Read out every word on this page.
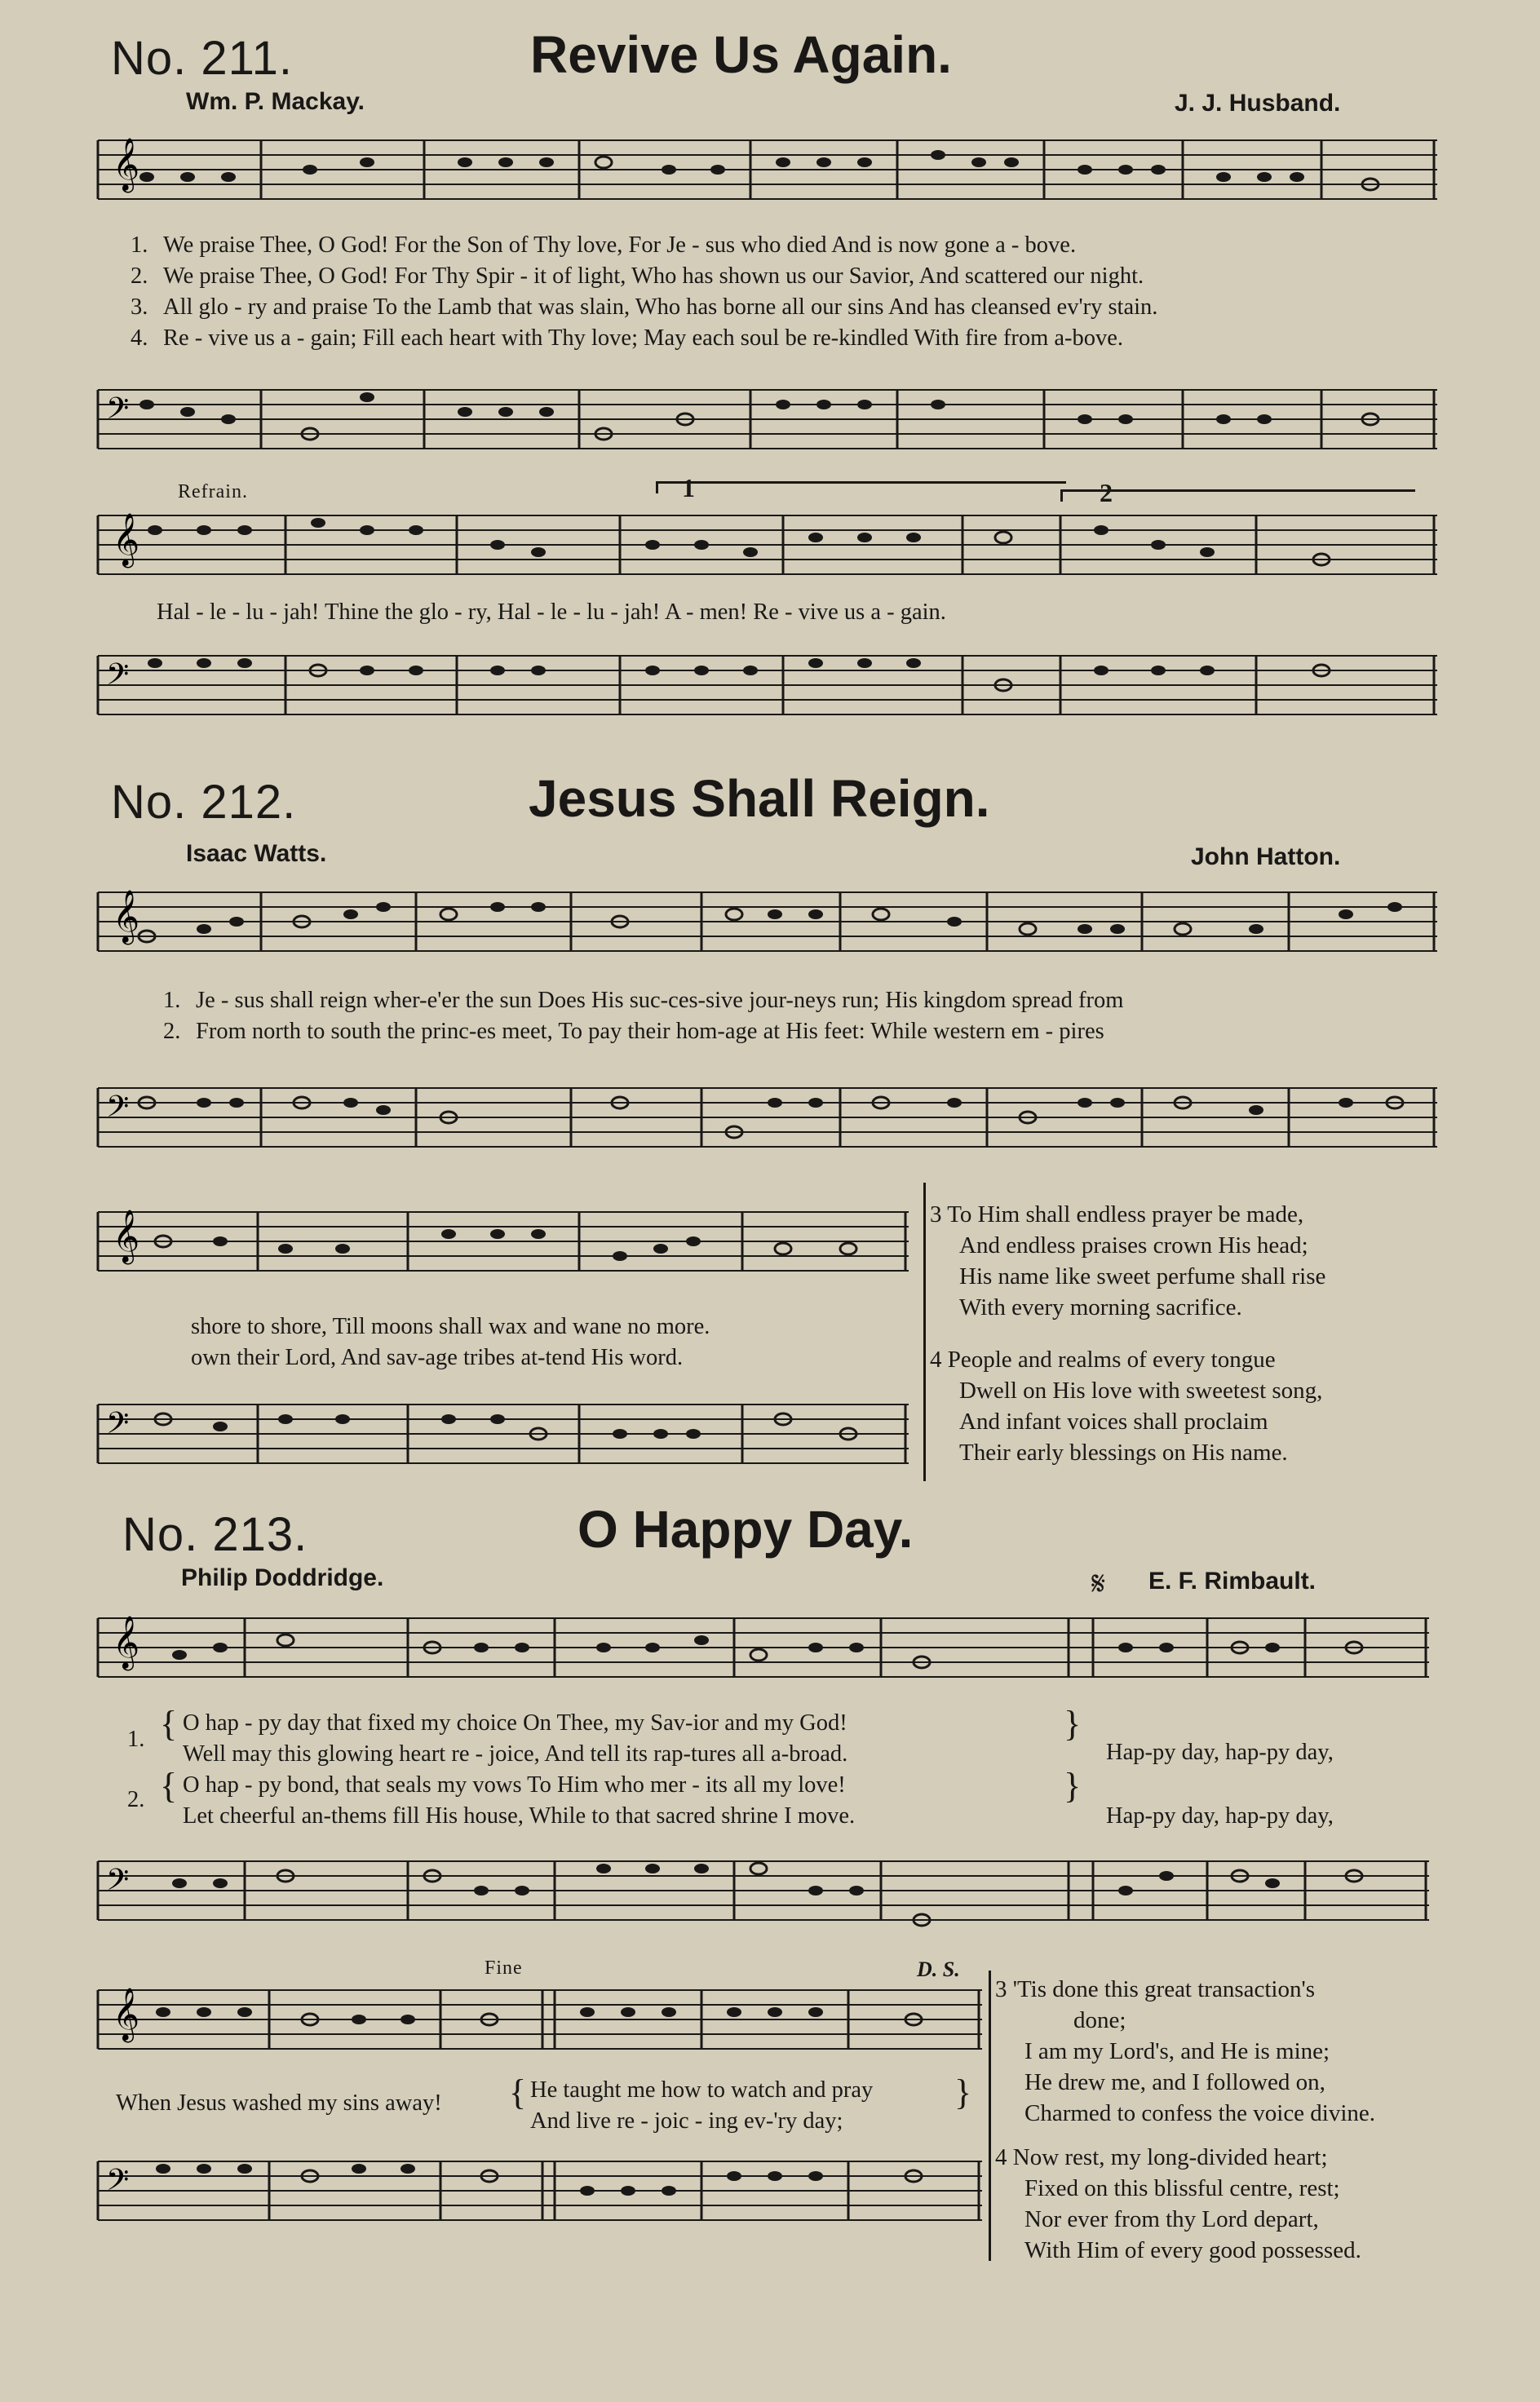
No. 211.	Revive Us Again.
Wm. P. Mackay.	J. J. Husband.
𝄞
1. We praise Thee, O God! For the Son of Thy love, For Je - sus who died And is now gone a - bove.
2. We praise Thee, O God! For Thy Spir - it of light, Who has shown us our Savior, And scattered our night.
3. All glo - ry and praise To the Lamb that was slain, Who has borne all our sins And has cleansed ev'ry stain.
4. Re - vive us a - gain; Fill each heart with Thy love; May each soul be re-kindled With fire from a-bove.
𝄢
Refrain.	1	2
𝄞
Hal - le - lu - jah! Thine the glo - ry, Hal - le - lu - jah! A - men! Re - vive us a - gain.
𝄢
No. 212.	Jesus Shall Reign.
Isaac Watts.	John Hatton.
𝄞
1. Je - sus shall reign wher-e'er the sun Does His suc-ces-sive jour-neys run; His kingdom spread from
2. From north to south the princ-es meet, To pay their hom-age at His feet: While western em - pires
𝄢
𝄞
shore to shore, Till moons shall wax and wane no more.
own their Lord, And sav-age tribes at-tend His word.
𝄢
3 To Him shall endless prayer be made,
And endless praises crown His head;
His name like sweet perfume shall rise
With every morning sacrifice.
4 People and realms of every tongue
Dwell on His love with sweetest song,
And infant voices shall proclaim
Their early blessings on His name.
No. 213.	O Happy Day.
Philip Doddridge.	𝄋 E. F. Rimbault.
𝄞
1. { O hap - py day that fixed my choice On Thee, my Sav-ior and my God!
Well may this glowing heart re - joice, And tell its rap-tures all a-broad.
}
Hap-py day, hap-py day,
2. { O hap - py bond, that seals my vows To Him who mer - its all my love!
Let cheerful an-thems fill His house, While to that sacred shrine I move.
}
Hap-py day, hap-py day,
𝄢
Fine	D. S.
𝄞
When Jesus washed my sins away! { He taught me how to watch and pray
And live re - joic - ing ev-'ry day;
}
𝄢
3 'Tis done this great transaction's
done;
I am my Lord's, and He is mine;
He drew me, and I followed on,
Charmed to confess the voice divine.
4 Now rest, my long-divided heart;
Fixed on this blissful centre, rest;
Nor ever from thy Lord depart,
With Him of every good possessed.
